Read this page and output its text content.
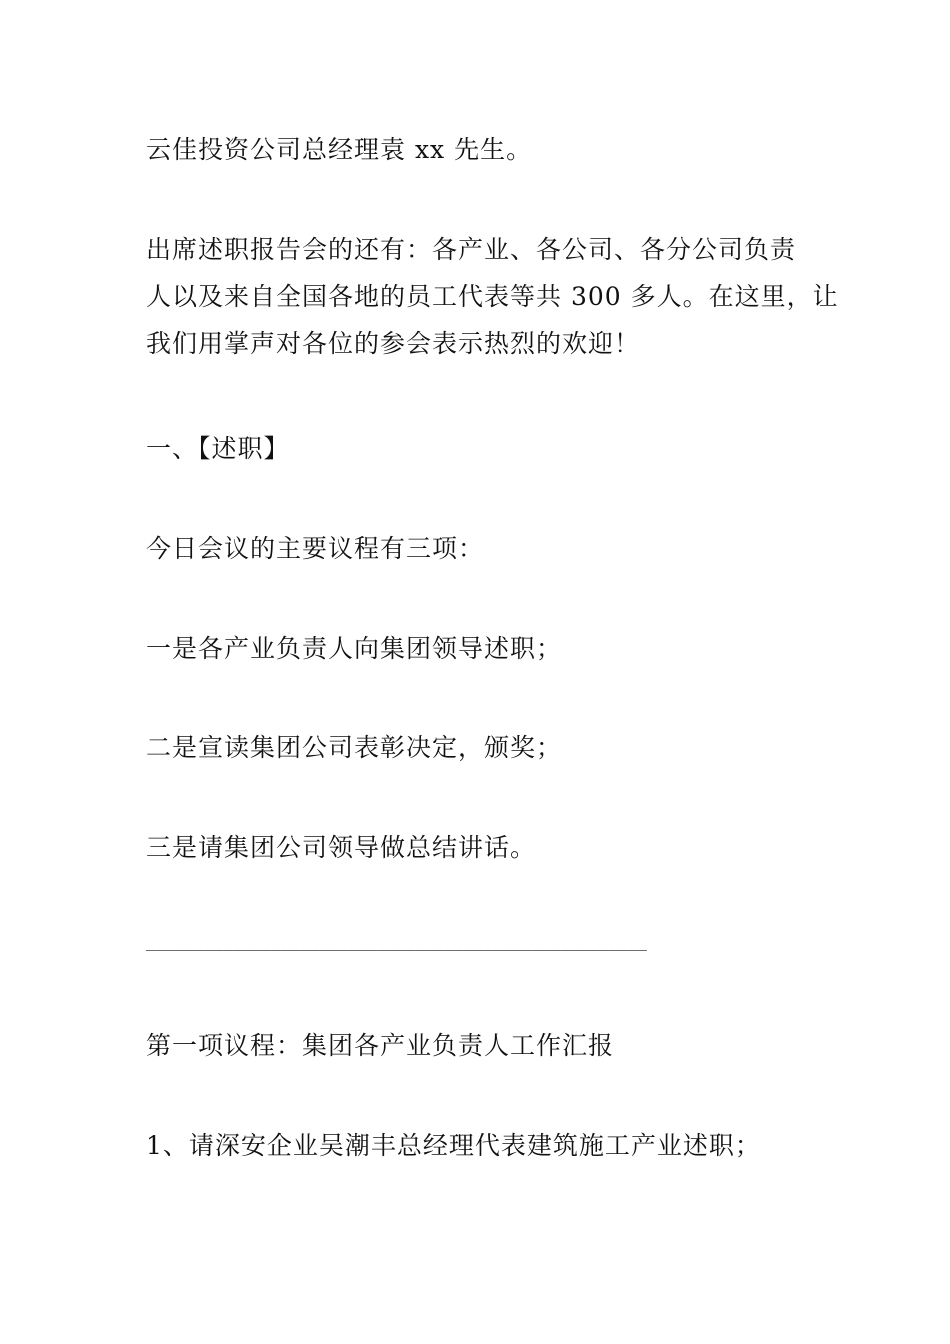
云佳投资公司总经理袁 xx 先生。

出席述职报告会的还有：各产业、各公司、各分公司负责
人以及来自全国各地的员工代表等共 300 多人。在这里，让
我们用掌声对各位的参会表示热烈的欢迎！

一、【述职】

今日会议的主要议程有三项：

一是各产业负责人向集团领导述职；

二是宣读集团公司表彰决定，颁奖；

三是请集团公司领导做总结讲话。

____________________________________________________

第一项议程：集团各产业负责人工作汇报

1、请深安企业吴潮丰总经理代表建筑施工产业述职；
